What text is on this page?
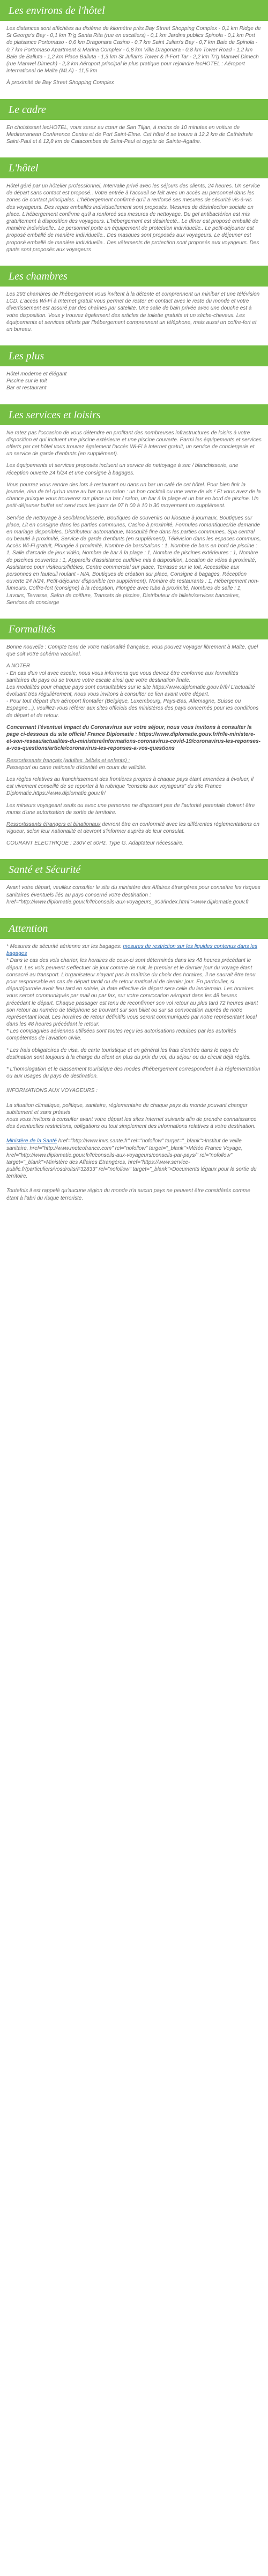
Les environs de l'hôtel

Les distances sont affichées au dixième de kilomètre près Bay Street Shopping Complex - 0,1 km Ridge de St George's Bay - 0,1 km Tr'g Santa Rita (rue en escaliers) - 0,1 km Jardins publics Spinola - 0,1 km Port de plaisance Portomaso - 0,6 km Dragonara Casino - 0,7 km Saint Julian's Bay - 0,7 km Baie de Spinola - 0,7 km Portomaso Apartment & Marina Complex - 0,8 km Villa Dragonara - 0,8 km Tower Road - 1,2 km Baie de Balluta - 1,2 km Place Balluta - 1,3 km St Julian's Tower & Il-Fort Tar - 2,2 km Tr'g Manwel Dimech (rue Manwel Dimech) - 2,3 km Aéroport principal le plus pratique pour rejoindre lecHOTEL : Aéroport international de Malte (MLA) - 11,5 km

À proximité de Bay Street Shopping Complex

Le cadre

En choisissant lecHOTEL, vous serez au cœur de San Tiljan, à moins de 10 minutes en voiture de Mediterranean Conference Centre et de Port Saint-Elme. Cet hôtel 4 se trouve à 12,2 km de Cathédrale Saint-Paul et à 12,8 km de Catacombes de Saint-Paul et crypte de Sainte-Agathe.

L'hôtel

Hôtel géré par un hôtelier professionnel, Intervalle privé avec les séjours des clients, 24 heures. Un service de départ sans contact est proposé.. Votre entrée à l'accueil se fait avec un accès au personnel dans les zones de contact principales. L'hébergement confirmé qu'il a renforcé ses mesures de sécurité vis-à-vis des voyageurs. Des repas emballés individuellement sont proposés. Mesures de désinfection sociale en place. L'hébergement confirme qu'il a renforcé ses mesures de nettoyage. Du gel antibactérien est mis gratuitement à disposition des voyageurs. L'hébergement est désinfecté.. Le dîner est proposé emballé de manière individuelle.. Le personnel porte un équipement de protection individuelle.. Le petit-déjeuner est proposé emballé de manière individuelle.. Des masques sont proposés aux voyageurs. Le déjeuner est proposé emballé de manière individuelle.. Des vêtements de protection sont proposés aux voyageurs. Des gants sont proposés aux voyageurs

Les chambres

Les 293 chambres de l'hébergement vous invitent à la détente et comprennent un minibar et une télévision LCD. L'accès Wi-Fi à Internet gratuit vous permet de rester en contact avec le reste du monde et votre divertissement est assuré par des chaînes par satellite. Une salle de bain privée avec une douche est à votre disposition. Vous y trouvez également des articles de toilette gratuits et un sèche-cheveux. Les équipements et services offerts par l'hébergement comprennent un téléphone, mais aussi un coffre-fort et un bureau.

Les plus

Hôtel moderne et élégant

Piscine sur le toit

Bar et restaurant

Les services et loisirs

Ne ratez pas l'occasion de vous détendre en profitant des nombreuses infrastructures de loisirs à votre disposition et qui incluent une piscine extérieure et une piscine couverte. Parmi les équipements et services offerts par cet hôtel vous trouvez également l'accès Wi-Fi à Internet gratuit, un service de conciergerie et un service de garde d'enfants (en supplément).

Les équipements et services proposés incluent un service de nettoyage à sec / blanchisserie, une réception ouverte 24 h/24 et une consigne à bagages.

Vous pourrez vous rendre des lors à restaurant ou dans un bar un café de cet hôtel. Pour bien finir la journée, rien de tel qu'un verre au bar ou au salon : un bon cocktail ou une verre de vin ! Et vous avez de la chance puisque vous trouverez sur place un bar / salon, un bar à la plage et un bar en bord de piscine. Un petit-déjeuner buffet est servi tous les jours de 07 h 00 à 10 h 30 moyennant un supplément.

Service de nettoyage à sec/blanchisserie, Boutiques de souvenirs ou kiosque à journaux, Boutiques sur place, Lit en consigne dans les parties communes, Casino à proximité, Formules romantiques/de demande en mariage disponibles, Distributeur automatique, Mosquité fine dans les parties communes, Spa central ou beauté à proximité, Service de garde d'enfants (en supplément), Télévision dans les espaces communs, Accès Wi-Fi gratuit, Plongée à proximité, Nombre de bars/salons : 1, Nombre de bars en bord de piscine : 1, Salle d'arcade de jeux vidéo, Nombre de bar à la plage : 1, Nombre de piscines extérieures : 1, Nombre de piscines couvertes : 1, Appareils d'assistance auditive mis à disposition, Location de vélos à proximité, Assistance pour visiteurs/fidèles, Centre commercial sur place, Terrasse sur le toit, Accessible aux personnes en fauteuil roulant - N/A, Boutiques de création sur place, Consigne à bagages, Réception ouverte 24 h/24, Petit-déjeuner disponible (en supplément), Nombre de restaurants : 1, Hébergement non-fumeurs, Coffre-fort (consigne) à la réception, Plongée avec tuba à proximité, Nombres de salle : 1, Lavoirs, Terrasse, Salon de coiffure, Transats de piscine, Distributeur de billets/services bancaires, Services de concierge

Formalités

Bonne nouvelle : Compte tenu de votre nationalité française, vous pouvez voyager librement à Malte, quel que soit votre schéma vaccinal.

A NOTER

- En cas d'un vol avec escale, nous vous informons que vous devrez être conforme aux formalités sanitaires du pays où se trouve votre escale ainsi que votre destination finale.

Les modalités pour chaque pays sont consultables sur le site https://www.diplomatie.gouv.fr/fr/ L'actualité évoluant très régulièrement, nous vous invitons à consulter ce lien avant votre départ.

- Pour tout départ d'un aéroport frontalier (Belgique, Luxembourg, Pays-Bas, Allemagne, Suisse ou Espagne...), veuillez-vous référer aux sites officiels des ministères des pays concernés pour les conditions de départ et de retour.

Concernant l'éventuel impact du Coronavirus sur votre séjour, nous vous invitons à consulter la page ci-dessous du site officiel France Diplomatie : https://www.diplomatie.gouv.fr/fr/le-ministere-et-son-reseau/actualites-du-ministere/informations-coronavirus-covid-19/coronavirus-les-reponses-a-vos-questions/article/coronavirus-les-reponses-a-vos-questions

Ressortissants français (adultes, bébés et enfants) :

Passeport ou carte nationale d'identité en cours de validité.

Les règles relatives au franchissement des frontières propres à chaque pays étant amenées à évoluer, il est vivement conseillé de se reporter à la rubrique "conseils aux voyageurs" du site France Diplomatie.https://www.diplomatie.gouv.fr/

Les mineurs voyageant seuls ou avec une personne ne disposant pas de l'autorité parentale doivent être munis d'une autorisation de sortie de territoire.

Ressortissants étrangers et binationaux devront être en conformité avec les différentes réglementations en vigueur, selon leur nationalité et devront s'informer auprès de leur consulat.

COURANT ELECTRIQUE : 230V et 50Hz. Type G. Adaptateur nécessaire.

Santé et Sécurité

Avant votre départ, veuillez consulter le site du ministère des Affaires étrangères pour connaître les risques sanitaires éventuels liés au pays concerné votre destination : href="http://www.diplomatie.gouv.fr/fr/conseils-aux-voyageurs_909/index.html">www.diplomatie.gouv.fr

Attention

* Mesures de sécurité aérienne sur les bagages: mesures de restriction sur les liquides contenus dans les bagages

* Dans le cas des vols charter, les horaires de ceux-ci sont déterminés dans les 48 heures précédant le départ. Les vols peuvent s'effectuer de jour comme de nuit, le premier et le dernier jour du voyage étant consacré au transport. L'organisateur n'ayant pas la maîtrise du choix des horaires, il ne saurait être tenu pour responsable en cas de départ tardif ou de retour matinal ni de dernier jour. En particulier, si départ/journée avoir lieu tard en soirée, la date effective de départ sera celle du lendemain. Les horaires vous seront communiqués par mail ou par fax, sur votre convocation aéroport dans les 48 heures précédant le départ. Chaque passager est tenu de reconfirmer son vol retour au plus tard 72 heures avant son retour au numéro de téléphone se trouvant sur son billet ou sur sa convocation auprès de notre représentant local. Les horaires de retour définitifs vous seront communiqués par notre représentant local dans les 48 heures précédant le retour.

* Les compagnies aériennes utilisées sont toutes reçu les autorisations requises par les autorités compétentes de l'aviation civile.

* Les frais obligatoires de visa, de carte touristique et en général les frais d'entrée dans le pays de destination sont toujours à la charge du client en plus du prix du vol, du séjour ou du circuit déjà réglés.

* L'homologation et le classement touristique des modes d'hébergement correspondent à la réglementation ou aux usages du pays de destination.

INFORMATIONS AUX VOYAGEURS :

La situation climatique, politique, sanitaire, réglementaire de chaque pays du monde pouvant changer subitement et sans préavis

nous vous invitons à consulter avant votre départ les sites Internet suivants afin de prendre connaissance des éventuelles restrictions, obligations ou tout simplement des informations relatives à votre destination.

Ministère de la Santé href="http://www.invs.sante.fr" rel="nofollow" target="_blank">Institut de veille sanitaire, href="http://www.meteofrance.com" rel="nofollow" target="_blank">Météo France Voyage, href="http://www.diplomatie.gouv.fr/fr/conseils-aux-voyageurs/conseils-par-pays/" rel="nofollow" target="_blank">Ministère des Affaires Étrangères, href="https://www.service-public.fr/particuliers/vosdroits/F32833" rel="nofollow" target="_blank">Documents légaux pour la sortie du territoire.

Toutefois il est rappelé qu'aucune région du monde n'a aucun pays ne peuvent être considérés comme étant à l'abri du risque terroriste.
